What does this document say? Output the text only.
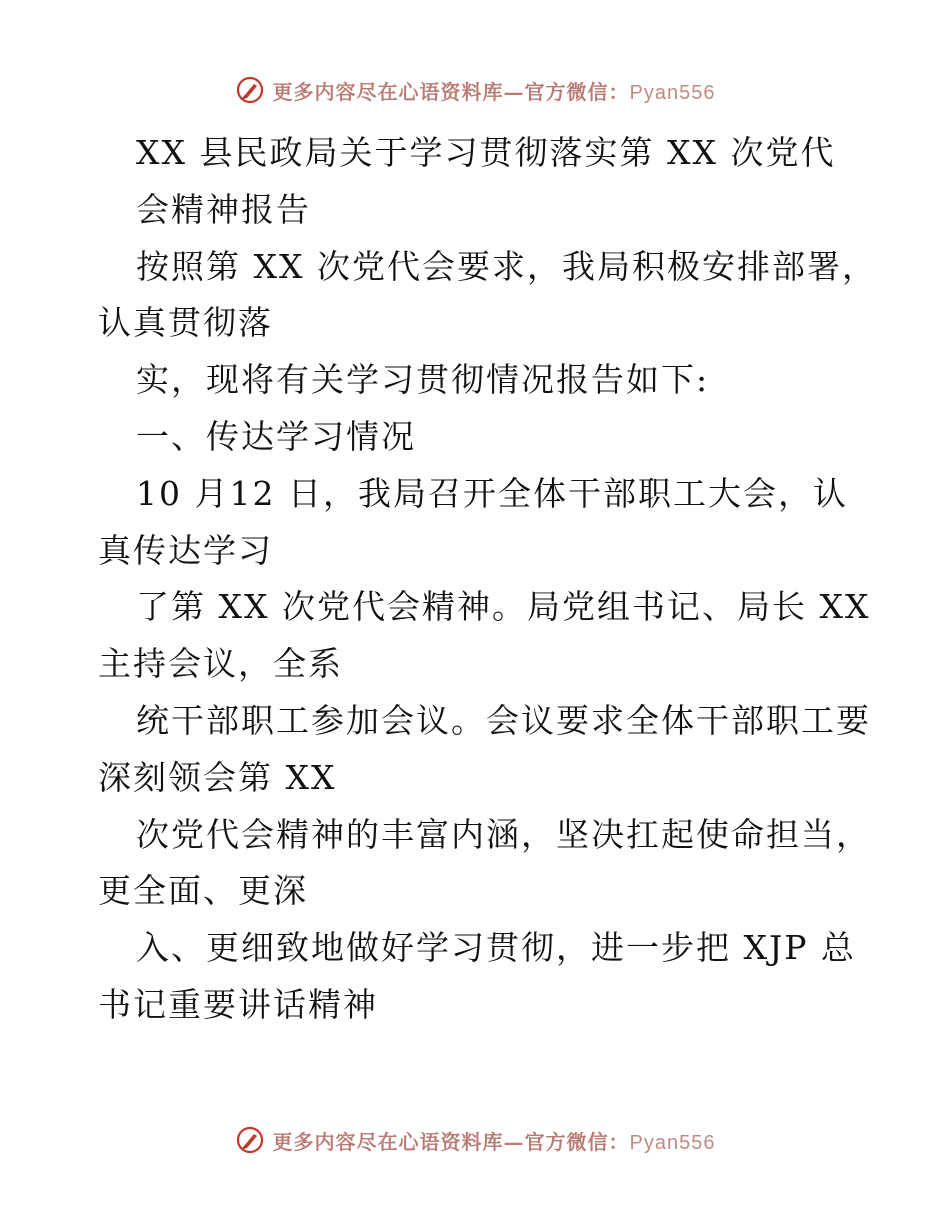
更多内容尽在心语资料库—官方微信：Pyan556
XX 县民政局关于学习贯彻落实第 XX 次党代
会精神报告
按照第 XX 次党代会要求，我局积极安排部署，
认真贯彻落
实，现将有关学习贯彻情况报告如下:
一、传达学习情况
10 月12 日，我局召开全体干部职工大会，认
真传达学习
了第 XX 次党代会精神。局党组书记、局长 XX
主持会议，全系
统干部职工参加会议。会议要求全体干部职工要
深刻领会第 XX
次党代会精神的丰富内涵，坚决扛起使命担当，
更全面、更深
入、更细致地做好学习贯彻，进一步把 XJP 总
书记重要讲话精神
更多内容尽在心语资料库—官方微信：Pyan556
